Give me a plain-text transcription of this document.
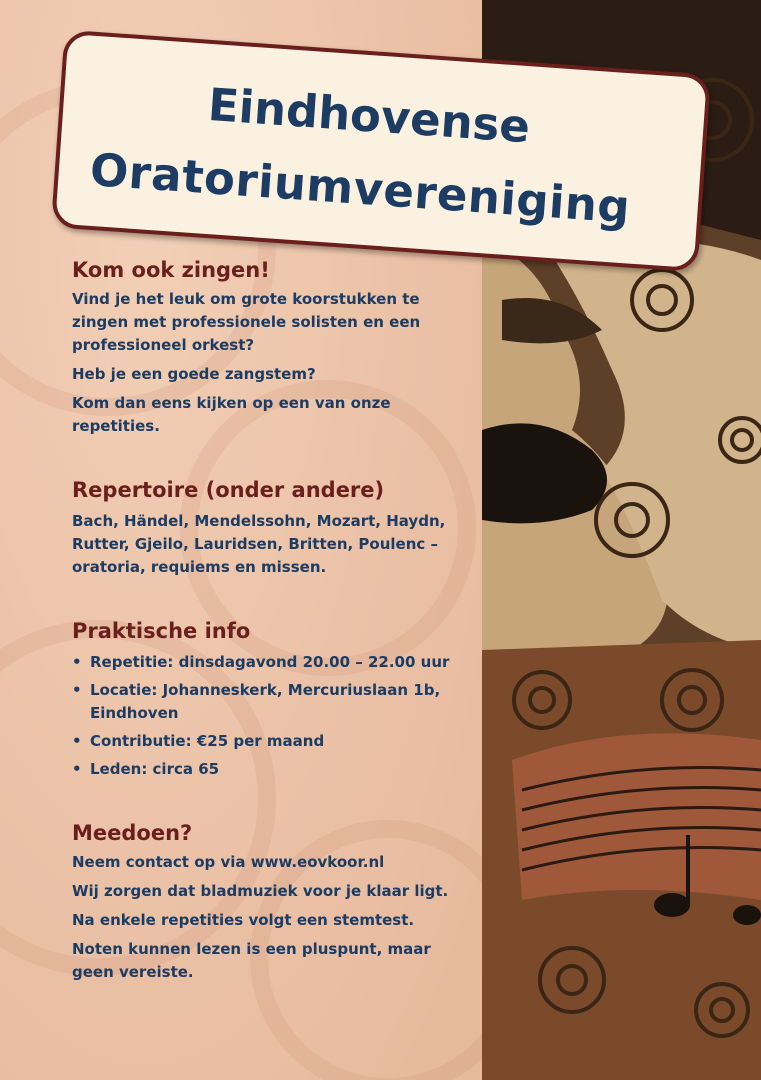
Eindhovense
Oratoriumvereniging
Kom ook zingen!

Vind je het leuk om grote koorstukken te zingen met professionele solisten en een professioneel orkest?

Heb je een goede zangstem?

Kom dan eens kijken op een van onze repetities.

Repertoire (onder andere)

Bach, Händel, Mendelssohn, Mozart, Haydn, Rutter, Gjeilo, Lauridsen, Britten, Poulenc – oratoria, requiems en missen.

Praktische info
• Repetitie: dinsdagavond 20.00 – 22.00 uur
• Locatie: Johanneskerk, Mercuriuslaan 1b, Eindhoven
• Contributie: €25 per maand
• Leden: circa 65
Meedoen?

Neem contact op via www.eovkoor.nl

Wij zorgen dat bladmuziek voor je klaar ligt.

Na enkele repetities volgt een stemtest.

Noten kunnen lezen is een pluspunt, maar geen vereiste.
